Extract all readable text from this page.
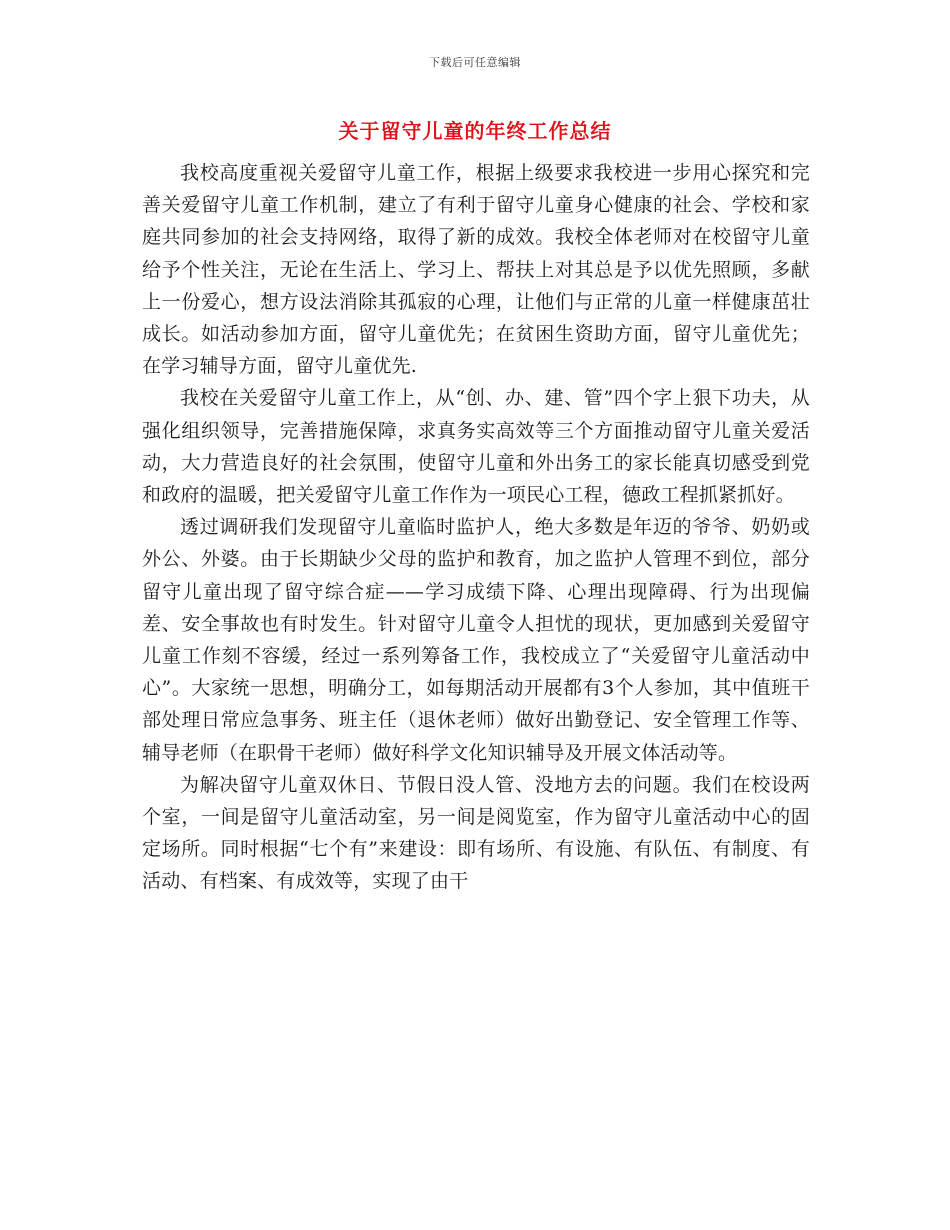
下载后可任意编辑
关于留守儿童的年终工作总结

我校高度重视关爱留守儿童工作，根据上级要求我校进一步用心探究和完善关爱留守儿童工作机制，建立了有利于留守儿童身心健康的社会、学校和家庭共同参加的社会支持网络，取得了新的成效。我校全体老师对在校留守儿童给予个性关注，无论在生活上、学习上、帮扶上对其总是予以优先照顾，多献上一份爱心，想方设法消除其孤寂的心理，让他们与正常的儿童一样健康茁壮成长。如活动参加方面，留守儿童优先；在贫困生资助方面，留守儿童优先；在学习辅导方面，留守儿童优先.

我校在关爱留守儿童工作上，从“创、办、建、管”四个字上狠下功夫，从强化组织领导，完善措施保障，求真务实高效等三个方面推动留守儿童关爱活动，大力营造良好的社会氛围，使留守儿童和外出务工的家长能真切感受到党和政府的温暖，把关爱留守儿童工作作为一项民心工程，德政工程抓紧抓好。

透过调研我们发现留守儿童临时监护人，绝大多数是年迈的爷爷、奶奶或外公、外婆。由于长期缺少父母的监护和教育，加之监护人管理不到位，部分留守儿童出现了留守综合症——学习成绩下降、心理出现障碍、行为出现偏差、安全事故也有时发生。针对留守儿童令人担忧的现状，更加感到关爱留守儿童工作刻不容缓，经过一系列筹备工作，我校成立了“关爱留守儿童活动中心”。大家统一思想，明确分工，如每期活动开展都有3个人参加，其中值班干部处理日常应急事务、班主任（退休老师）做好出勤登记、安全管理工作等、辅导老师（在职骨干老师）做好科学文化知识辅导及开展文体活动等。

为解决留守儿童双休日、节假日没人管、没地方去的问题。我们在校设两个室，一间是留守儿童活动室，另一间是阅览室，作为留守儿童活动中心的固定场所。同时根据“七个有”来建设：即有场所、有设施、有队伍、有制度、有活动、有档案、有成效等，实现了由干
